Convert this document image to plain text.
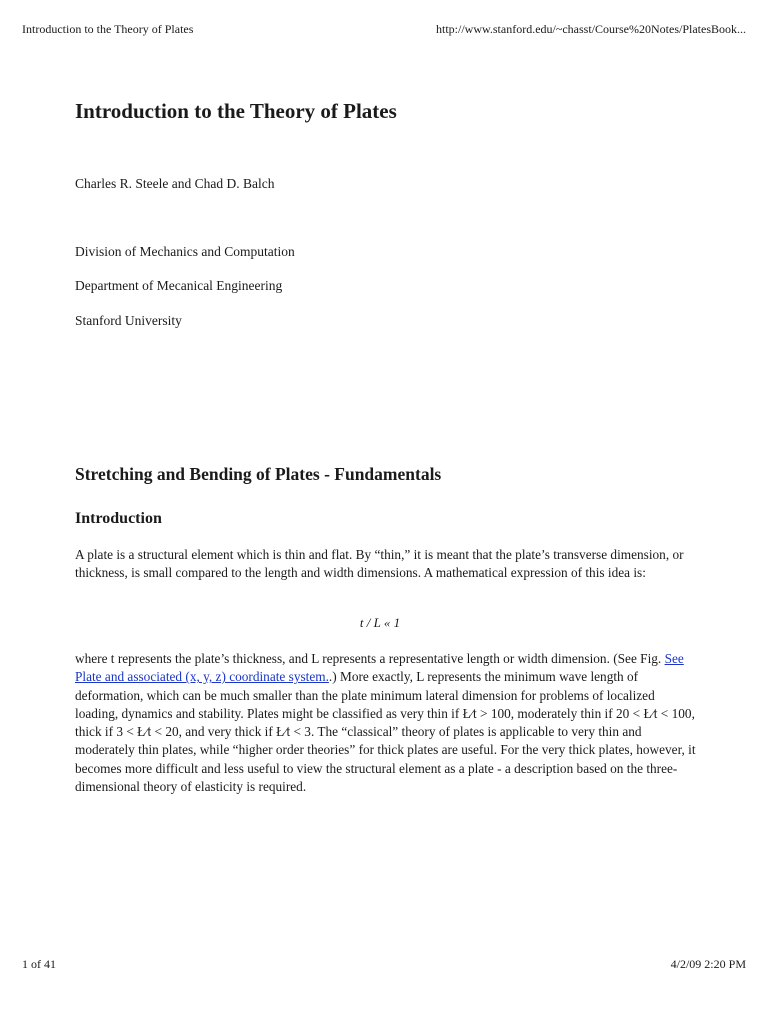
Introduction to the Theory of Plates	http://www.stanford.edu/~chasst/Course%20Notes/PlatesBook...
Introduction to the Theory of Plates
Charles R. Steele and Chad D. Balch
Division of Mechanics and Computation
Department of Mecanical Engineering
Stanford University
Stretching and Bending of Plates - Fundamentals
Introduction

A plate is a structural element which is thin and flat. By “thin,” it is meant that the plate’s transverse dimension, or thickness, is small compared to the length and width dimensions. A mathematical expression of this idea is:

t / L « 1

where t represents the plate’s thickness, and L represents a representative length or width dimension. (See Fig. See Plate and associated (x, y, z) coordinate system..) More exactly, L represents the minimum wave length of deformation, which can be much smaller than the plate minimum lateral dimension for problems of localized loading, dynamics and stability. Plates might be classified as very thin if Ł⁄t > 100, moderately thin if 20 < Ł⁄t < 100, thick if 3 < Ł⁄t < 20, and very thick if Ł⁄t < 3. The “classical” theory of plates is applicable to very thin and moderately thin plates, while “higher order theories” for thick plates are useful. For the very thick plates, however, it becomes more difficult and less useful to view the structural element as a plate - a description based on the three-dimensional theory of elasticity is required.

1 of 41	4/2/09 2:20 PM
